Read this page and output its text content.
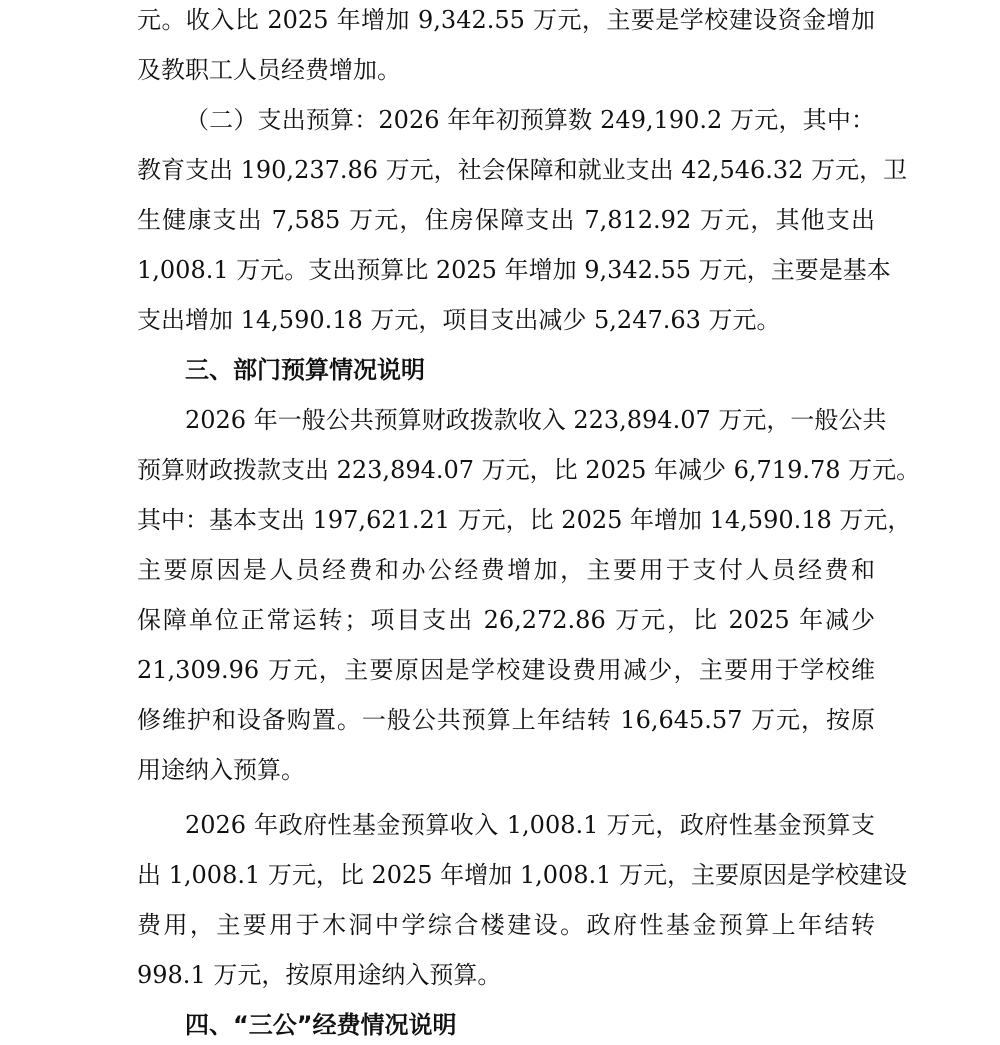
元。收入比 2025 年增加 9,342.55 万元，主要是学校建设资金增加
及教职工人员经费增加。
（二）支出预算：2026 年年初预算数 249,190.2 万元，其中：
教育支出 190,237.86 万元，社会保障和就业支出 42,546.32 万元，卫
生健康支出 7,585 万元，住房保障支出 7,812.92 万元，其他支出
1,008.1 万元。支出预算比 2025 年增加 9,342.55 万元，主要是基本
支出增加 14,590.18 万元，项目支出减少 5,247.63 万元。
三、部门预算情况说明
2026 年一般公共预算财政拨款收入 223,894.07 万元，一般公共
预算财政拨款支出 223,894.07 万元，比 2025 年减少 6,719.78 万元。
其中：基本支出 197,621.21 万元，比 2025 年增加 14,590.18 万元，
主要原因是人员经费和办公经费增加，主要用于支付人员经费和
保障单位正常运转；项目支出 26,272.86 万元，比 2025 年减少
21,309.96 万元，主要原因是学校建设费用减少，主要用于学校维
修维护和设备购置。一般公共预算上年结转 16,645.57 万元，按原
用途纳入预算。
2026 年政府性基金预算收入 1,008.1 万元，政府性基金预算支
出 1,008.1 万元，比 2025 年增加 1,008.1 万元，主要原因是学校建设
费用，主要用于木洞中学综合楼建设。政府性基金预算上年结转
998.1 万元，按原用途纳入预算。
四、“三公”经费情况说明
